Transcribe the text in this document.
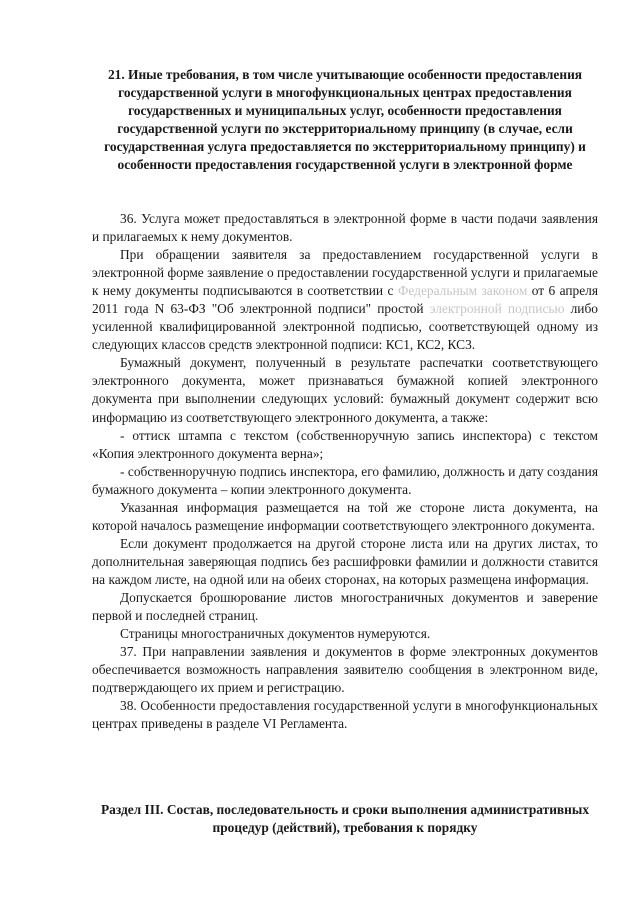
21. Иные требования, в том числе учитывающие особенности предоставления государственной услуги в многофункциональных центрах предоставления государственных и муниципальных услуг, особенности предоставления государственной услуги по экстерриториальному принципу (в случае, если государственная услуга предоставляется по экстерриториальному принципу) и особенности предоставления государственной услуги в электронной форме

36. Услуга может предоставляться в электронной форме в части подачи заявления и прилагаемых к нему документов.

При обращении заявителя за предоставлением государственной услуги в электронной форме заявление о предоставлении государственной услуги и прилагаемые к нему документы подписываются в соответствии с Федеральным законом от 6 апреля 2011 года N 63-ФЗ "Об электронной подписи" простой электронной подписью либо усиленной квалифицированной электронной подписью, соответствующей одному из следующих классов средств электронной подписи: КС1, КС2, КС3.

Бумажный документ, полученный в результате распечатки соответствующего электронного документа, может признаваться бумажной копией электронного документа при выполнении следующих условий: бумажный документ содержит всю информацию из соответствующего электронного документа, а также:

- оттиск штампа с текстом (собственноручную запись инспектора) с текстом «Копия электронного документа верна»;

- собственноручную подпись инспектора, его фамилию, должность и дату создания бумажного документа – копии электронного документа.

Указанная информация размещается на той же стороне листа документа, на которой началось размещение информации соответствующего электронного документа.

Если документ продолжается на другой стороне листа или на других листах, то дополнительная заверяющая подпись без расшифровки фамилии и должности ставится на каждом листе, на одной или на обеих сторонах, на которых размещена информация.

Допускается брошюрование листов многостраничных документов и заверение первой и последней страниц.

Страницы многостраничных документов нумеруются.

37. При направлении заявления и документов в форме электронных документов обеспечивается возможность направления заявителю сообщения в электронном виде, подтверждающего их прием и регистрацию.

38. Особенности предоставления государственной услуги в многофункциональных центрах приведены в разделе VI Регламента.

Раздел III. Состав, последовательность и сроки выполнения административных процедур (действий), требования к порядку
